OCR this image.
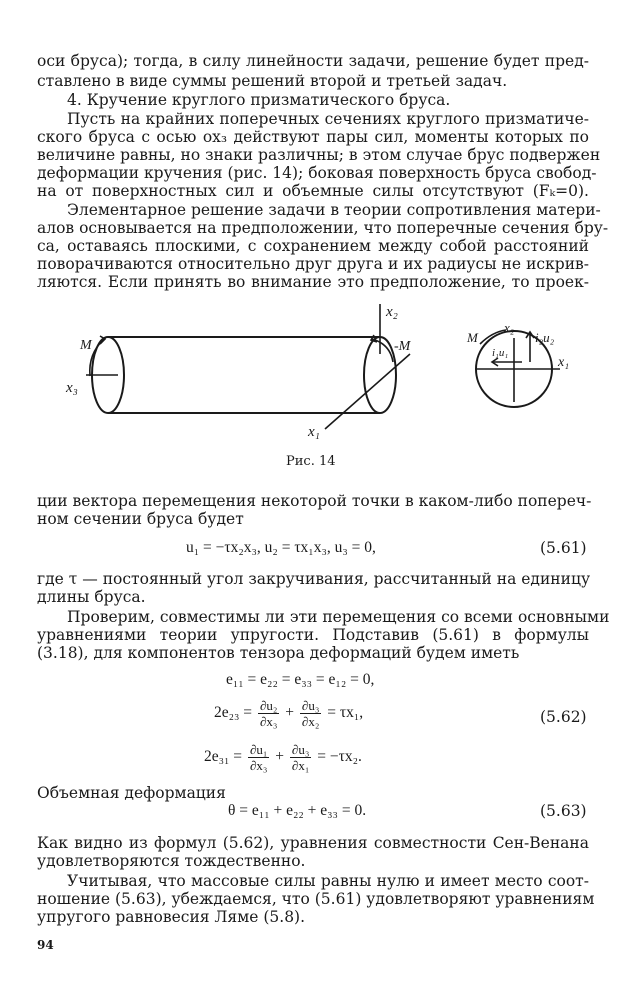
оси бруса); тогда, в силу линейности задачи, решение будет пред-
ставлено в виде суммы решений второй и третьей задач.
4. Кручение круглого призматического бруса.
Пусть на крайних поперечных сечениях круглого призматиче-
ского бруса с осью ox₃ действуют пары сил, моменты которых по
величине равны, но знаки различны; в этом случае брус подвержен
деформации кручения (рис. 14); боковая поверхность бруса свобод-
на от поверхностных сил и объемные силы отсутствуют (Fₖ=0).
Элементарное решение задачи в теории сопротивления матери-
алов основывается на предположении, что поперечные сечения бру-
са, оставаясь плоскими, с сохранением между собой расстояний
поворачиваются относительно друг друга и их радиусы не искрив-
ляются. Если принять во внимание это предположение, то проек-
M	-M
x₃
x₂
x₁
M
x₂
i₂u₂
i₁u₁
x₁
Рис. 14
ции вектора перемещения некоторой точки в каком-либо попереч-
ном сечении бруса будет
u₁ = −τx₂x₃, u₂ = τx₁x₃, u₃ = 0,	(5.61)
где τ — постоянный угол закручивания, рассчитанный на единицу
длины бруса.
Проверим, совместимы ли эти перемещения со всеми основными
уравнениями теории упругости. Подставив (5.61) в формулы
(3.18), для компонентов тензора деформаций будем иметь
e₁₁ = e₂₂ = e₃₃ = e₁₂ = 0,
$2e_{23} = \frac{\text{∂u₂}}{\text{∂x₃}} + \frac{\text{∂u₃}}{\text{∂x₂}} = \tau x_1$,	(5.62)
$2e_{31} = \frac{\text{∂u₁}}{\text{∂x₃}} + \frac{\text{∂u₃}}{\text{∂x₁}} = -\tau x_2$.
Объемная деформация
θ = e₁₁ + e₂₂ + e₃₃ = 0.	(5.63)
Как видно из формул (5.62), уравнения совместности Сен-Венана
удовлетворяются тождественно.
Учитывая, что массовые силы равны нулю и имеет место соот-
ношение (5.63), убеждаемся, что (5.61) удовлетворяют уравнениям
упругого равновесия Ляме (5.8).
94
